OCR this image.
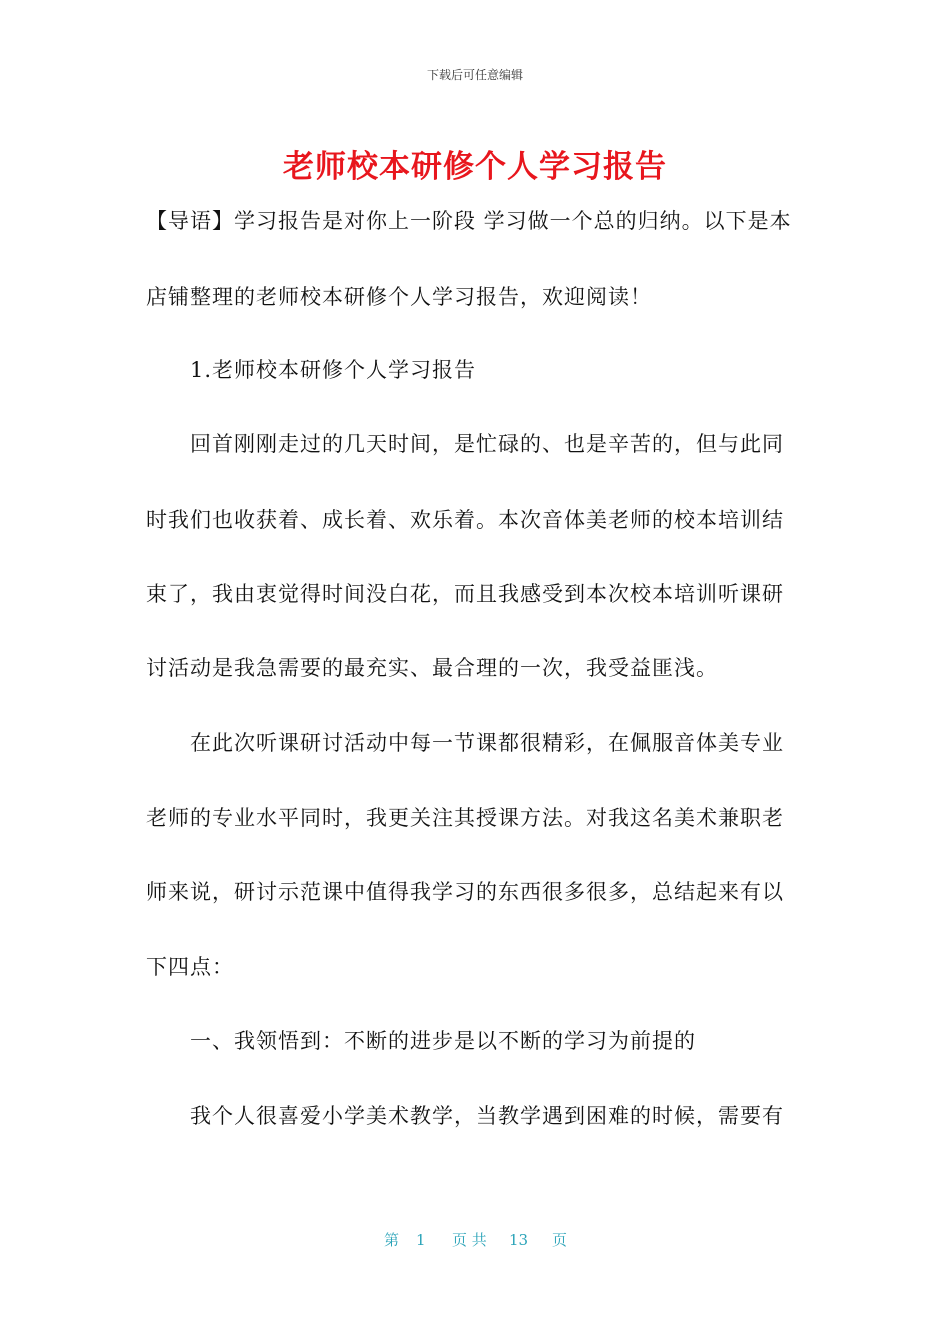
下载后可任意编辑
老师校本研修个人学习报告
【导语】学习报告是对你上一阶段 学习做一个总的归纳。以下是本
店铺整理的老师校本研修个人学习报告，欢迎阅读！
1.老师校本研修个人学习报告
回首刚刚走过的几天时间，是忙碌的、也是辛苦的，但与此同
时我们也收获着、成长着、欢乐着。本次音体美老师的校本培训结
束了，我由衷觉得时间没白花，而且我感受到本次校本培训听课研
讨活动是我急需要的最充实、最合理的一次，我受益匪浅。
在此次听课研讨活动中每一节课都很精彩，在佩服音体美专业
老师的专业水平同时，我更关注其授课方法。对我这名美术兼职老
师来说，研讨示范课中值得我学习的东西很多很多，总结起来有以
下四点：
一、我领悟到：不断的进步是以不断的学习为前提的
我个人很喜爱小学美术教学，当教学遇到困难的时候，需要有
第 1 页 共 13 页
